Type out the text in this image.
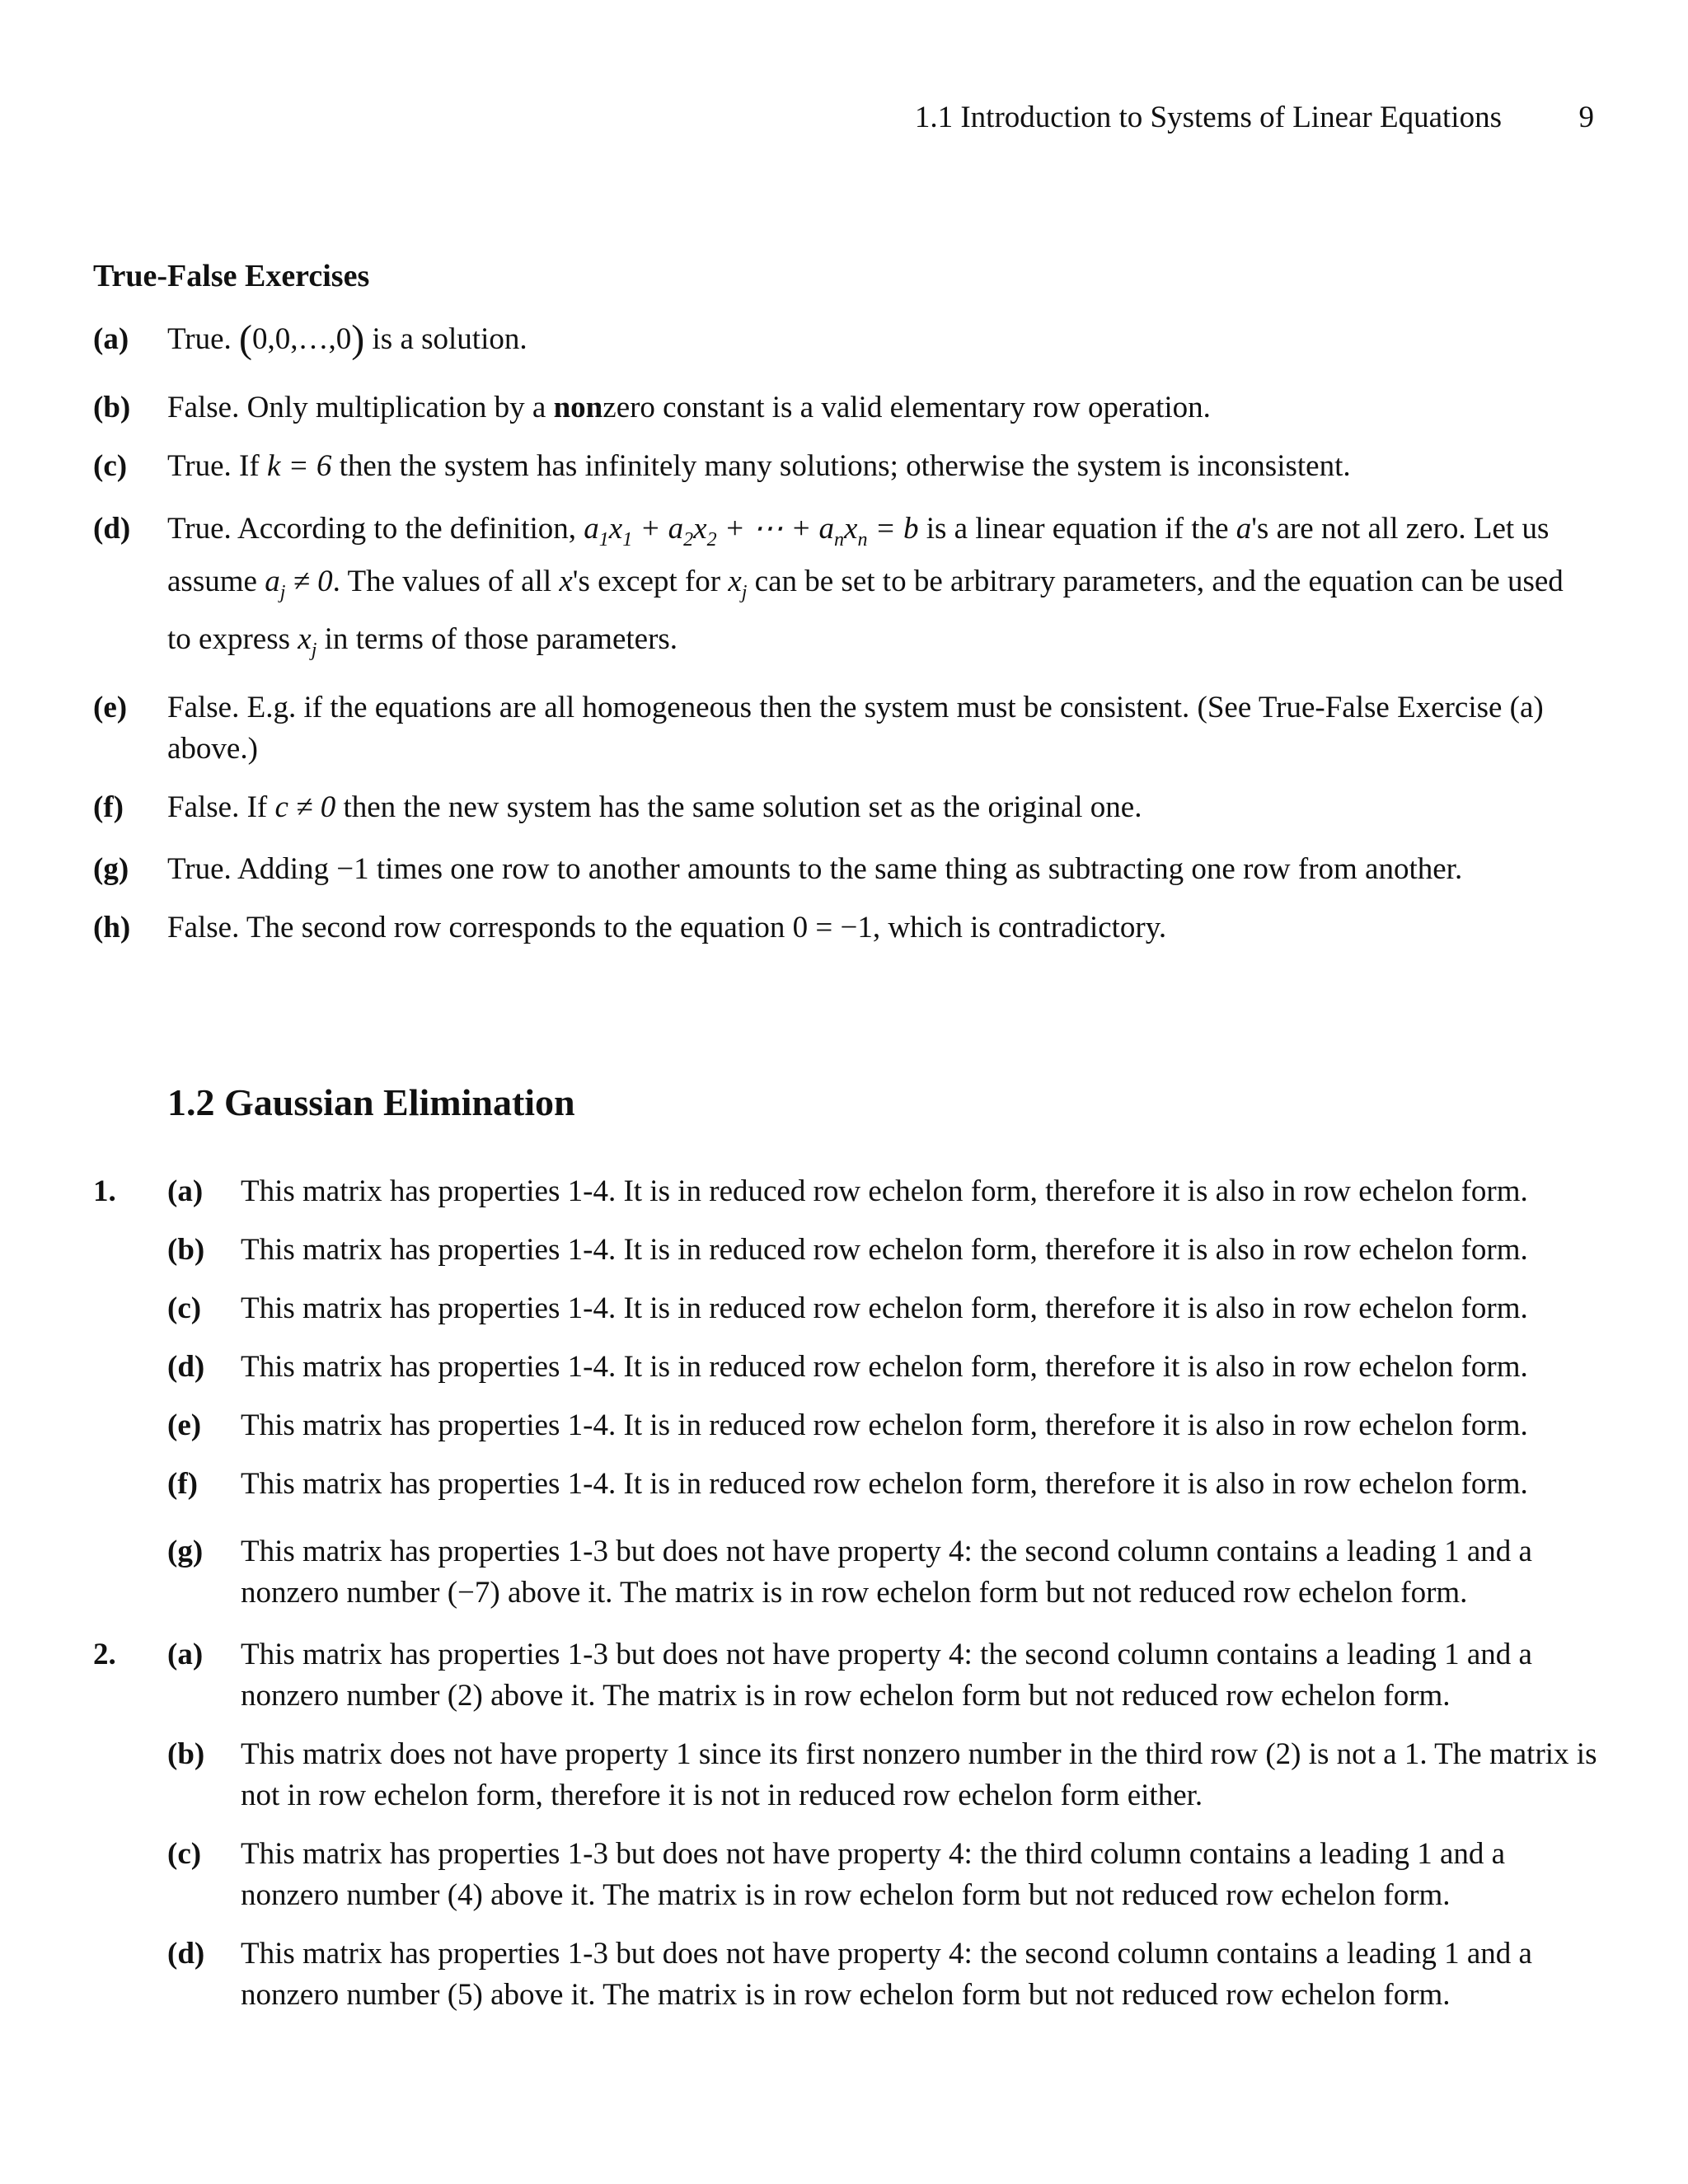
1.1 Introduction to Systems of Linear Equations	9
True-False Exercises
(a) True. (0,0,…,0) is a solution.
(b) False. Only multiplication by a nonzero constant is a valid elementary row operation.
(c) True. If k = 6 then the system has infinitely many solutions; otherwise the system is inconsistent.
(d) True. According to the definition, $a_1x_1 + a_2x_2$ + ⋯ + $a_nx_n = b$ is a linear equation if the a's are not all zero. Let us
assume $a_j \ne 0$. The values of all x's except for $x_j$ can be set to be arbitrary parameters, and the equation can be used
to express $x_j$ in terms of those parameters.
(e) False. E.g. if the equations are all homogeneous then the system must be consistent. (See True-False Exercise (a)
above.)
(f) False. If c ≠ 0 then the new system has the same solution set as the original one.
(g) True. Adding −1 times one row to another amounts to the same thing as subtracting one row from another.
(h) False. The second row corresponds to the equation 0 = −1, which is contradictory.
1.2 Gaussian Elimination
1. (a) This matrix has properties 1-4. It is in reduced row echelon form, therefore it is also in row echelon form.
(b) This matrix has properties 1-4. It is in reduced row echelon form, therefore it is also in row echelon form.
(c) This matrix has properties 1-4. It is in reduced row echelon form, therefore it is also in row echelon form.
(d) This matrix has properties 1-4. It is in reduced row echelon form, therefore it is also in row echelon form.
(e) This matrix has properties 1-4. It is in reduced row echelon form, therefore it is also in row echelon form.
(f) This matrix has properties 1-4. It is in reduced row echelon form, therefore it is also in row echelon form.
(g) This matrix has properties 1-3 but does not have property 4: the second column contains a leading 1 and a
nonzero number (−7) above it. The matrix is in row echelon form but not reduced row echelon form.
2. (a) This matrix has properties 1-3 but does not have property 4: the second column contains a leading 1 and a
nonzero number (2) above it. The matrix is in row echelon form but not reduced row echelon form.
(b) This matrix does not have property 1 since its first nonzero number in the third row (2) is not a 1. The matrix is
not in row echelon form, therefore it is not in reduced row echelon form either.
(c) This matrix has properties 1-3 but does not have property 4: the third column contains a leading 1 and a
nonzero number (4) above it. The matrix is in row echelon form but not reduced row echelon form.
(d) This matrix has properties 1-3 but does not have property 4: the second column contains a leading 1 and a
nonzero number (5) above it. The matrix is in row echelon form but not reduced row echelon form.
